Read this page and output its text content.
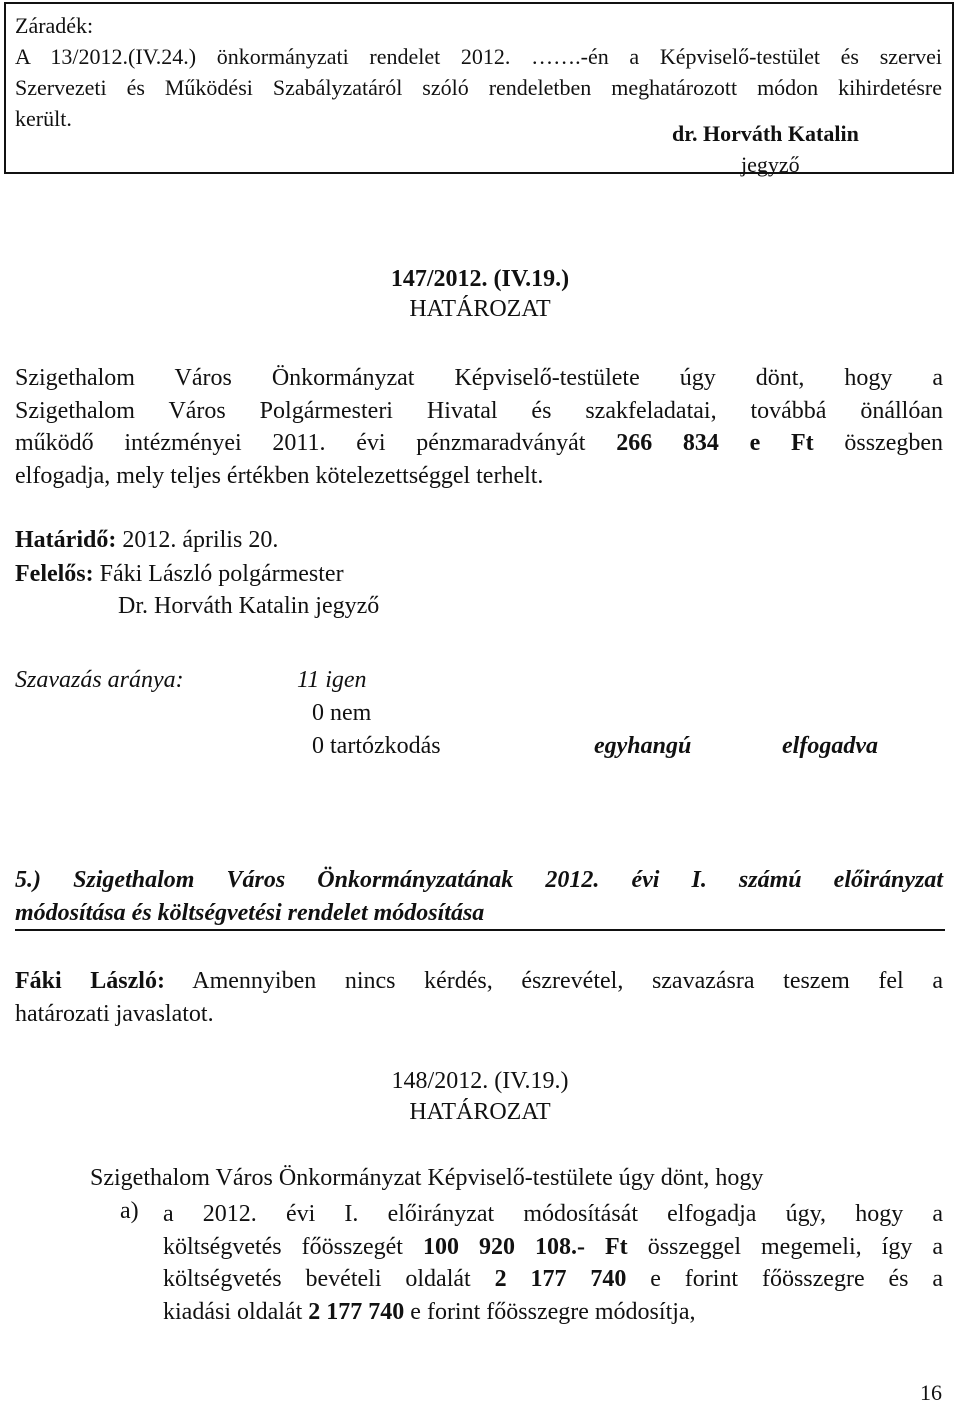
Záradék:
A 13/2012.(IV.24.) önkormányzati rendelet 2012. …….-én a Képviselő-testület és szervei
Szervezeti és Működési Szabályzatáról szóló rendeletben meghatározott módon kihirdetésre
került.
dr. Horváth Katalin
jegyző
147/2012. (IV.19.)
HATÁROZAT
Szigethalom Város Önkormányzat Képviselő-testülete úgy dönt, hogy a
Szigethalom Város Polgármesteri Hivatal és szakfeladatai, továbbá önállóan
működő intézményei 2011. évi pénzmaradványát 266 834 e Ft összegben
elfogadja, mely teljes értékben kötelezettséggel terhelt.
Határidő: 2012. április 20.
Felelős: Fáki László polgármester
Dr. Horváth Katalin jegyző
Szavazás aránya:	11 igen
0 nem
0 tartózkodás	egyhangú	elfogadva
5.) Szigethalom Város Önkormányzatának 2012. évi I. számú előirányzat
módosítása és költségvetési rendelet módosítása
Fáki László: Amennyiben nincs kérdés, észrevétel, szavazásra teszem fel a
határozati javaslatot.
148/2012. (IV.19.)
HATÁROZAT
Szigethalom Város Önkormányzat Képviselő-testülete úgy dönt, hogy
a) a 2012. évi I. előirányzat módosítását elfogadja úgy, hogy a
költségvetés főösszegét 100 920 108.- Ft összeggel megemeli, így a
költségvetés bevételi oldalát 2 177 740 e forint főösszegre és a
kiadási oldalát 2 177 740 e forint főösszegre módosítja,
16
